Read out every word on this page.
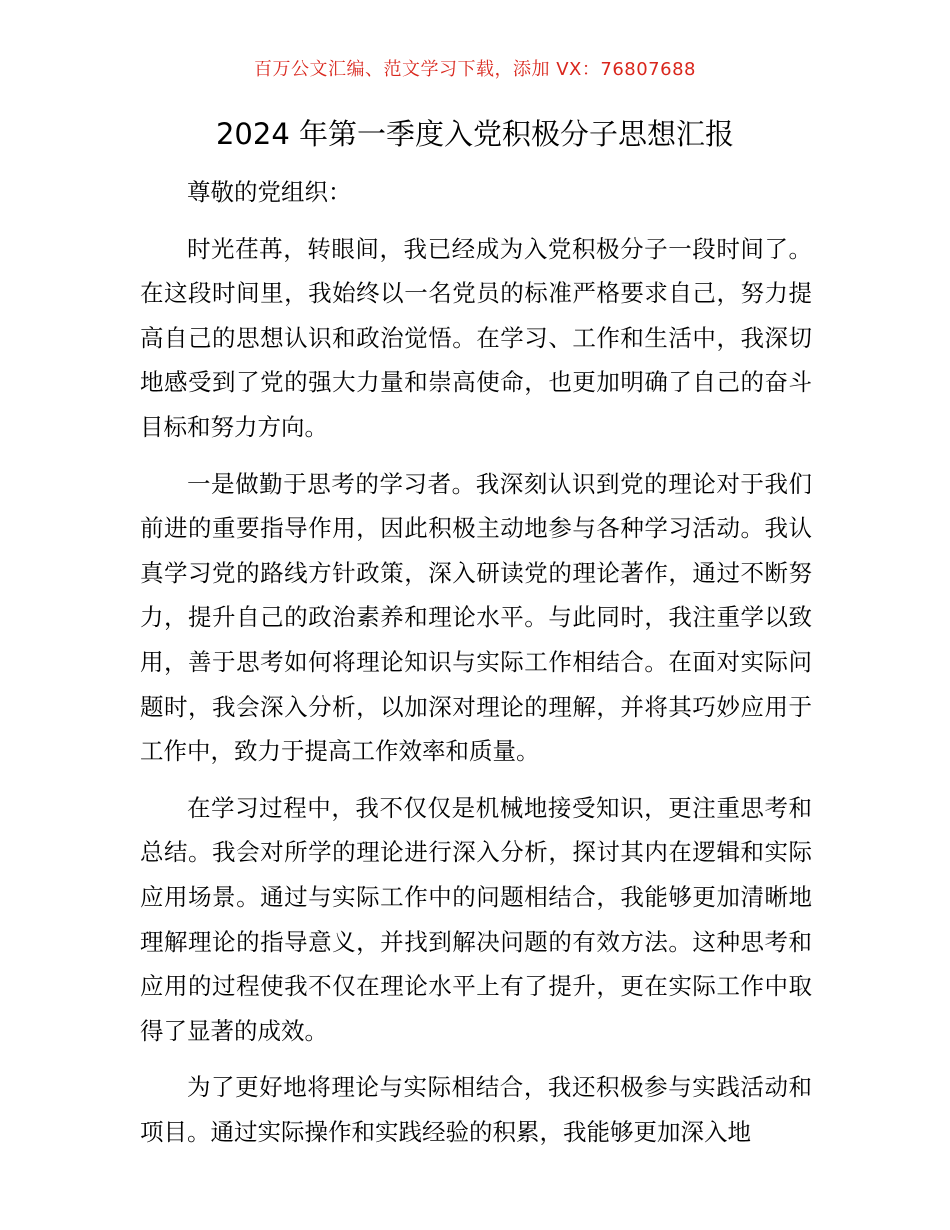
百万公文汇编、范文学习下载，添加 VX：76807688
2024 年第一季度入党积极分子思想汇报

尊敬的党组织：

时光荏苒，转眼间，我已经成为入党积极分子一段时间了。在这段时间里，我始终以一名党员的标准严格要求自己，努力提高自己的思想认识和政治觉悟。在学习、工作和生活中，我深切地感受到了党的强大力量和崇高使命，也更加明确了自己的奋斗目标和努力方向。

一是做勤于思考的学习者。我深刻认识到党的理论对于我们前进的重要指导作用，因此积极主动地参与各种学习活动。我认真学习党的路线方针政策，深入研读党的理论著作，通过不断努力，提升自己的政治素养和理论水平。与此同时，我注重学以致用，善于思考如何将理论知识与实际工作相结合。在面对实际问题时，我会深入分析，以加深对理论的理解，并将其巧妙应用于工作中，致力于提高工作效率和质量。

在学习过程中，我不仅仅是机械地接受知识，更注重思考和总结。我会对所学的理论进行深入分析，探讨其内在逻辑和实际应用场景。通过与实际工作中的问题相结合，我能够更加清晰地理解理论的指导意义，并找到解决问题的有效方法。这种思考和应用的过程使我不仅在理论水平上有了提升，更在实际工作中取得了显著的成效。

为了更好地将理论与实际相结合，我还积极参与实践活动和项目。通过实际操作和实践经验的积累，我能够更加深入地
